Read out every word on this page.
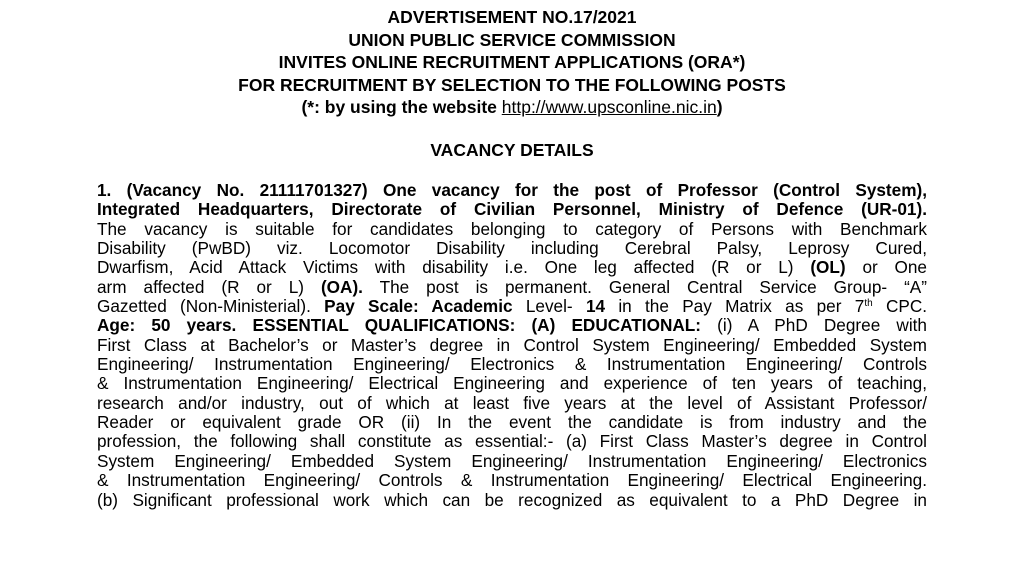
ADVERTISEMENT NO.17/2021
UNION PUBLIC SERVICE COMMISSION
INVITES ONLINE RECRUITMENT APPLICATIONS (ORA*)
FOR RECRUITMENT BY SELECTION TO THE FOLLOWING POSTS
(*: by using the website http://www.upsconline.nic.in)
VACANCY DETAILS
1. (Vacancy No. 21111701327) One vacancy for the post of Professor (Control System),
Integrated Headquarters, Directorate of Civilian Personnel, Ministry of Defence (UR-01).
The vacancy is suitable for candidates belonging to category of Persons with Benchmark
Disability (PwBD) viz. Locomotor Disability including Cerebral Palsy, Leprosy Cured,
Dwarfism, Acid Attack Victims with disability i.e. One leg affected (R or L) (OL) or One
arm affected (R or L) (OA). The post is permanent. General Central Service Group- “A”
Gazetted (Non-Ministerial). Pay Scale: Academic Level- 14 in the Pay Matrix as per 7th CPC.
Age: 50 years. ESSENTIAL QUALIFICATIONS: (A) EDUCATIONAL: (i) A PhD Degree with
First Class at Bachelor’s or Master’s degree in Control System Engineering/ Embedded System
Engineering/ Instrumentation Engineering/ Electronics & Instrumentation Engineering/ Controls
& Instrumentation Engineering/ Electrical Engineering and experience of ten years of teaching,
research and/or industry, out of which at least five years at the level of Assistant Professor/
Reader or equivalent grade OR (ii) In the event the candidate is from industry and the
profession, the following shall constitute as essential:- (a) First Class Master’s degree in Control
System Engineering/ Embedded System Engineering/ Instrumentation Engineering/ Electronics
& Instrumentation Engineering/ Controls & Instrumentation Engineering/ Electrical Engineering.
(b) Significant professional work which can be recognized as equivalent to a PhD Degree in
